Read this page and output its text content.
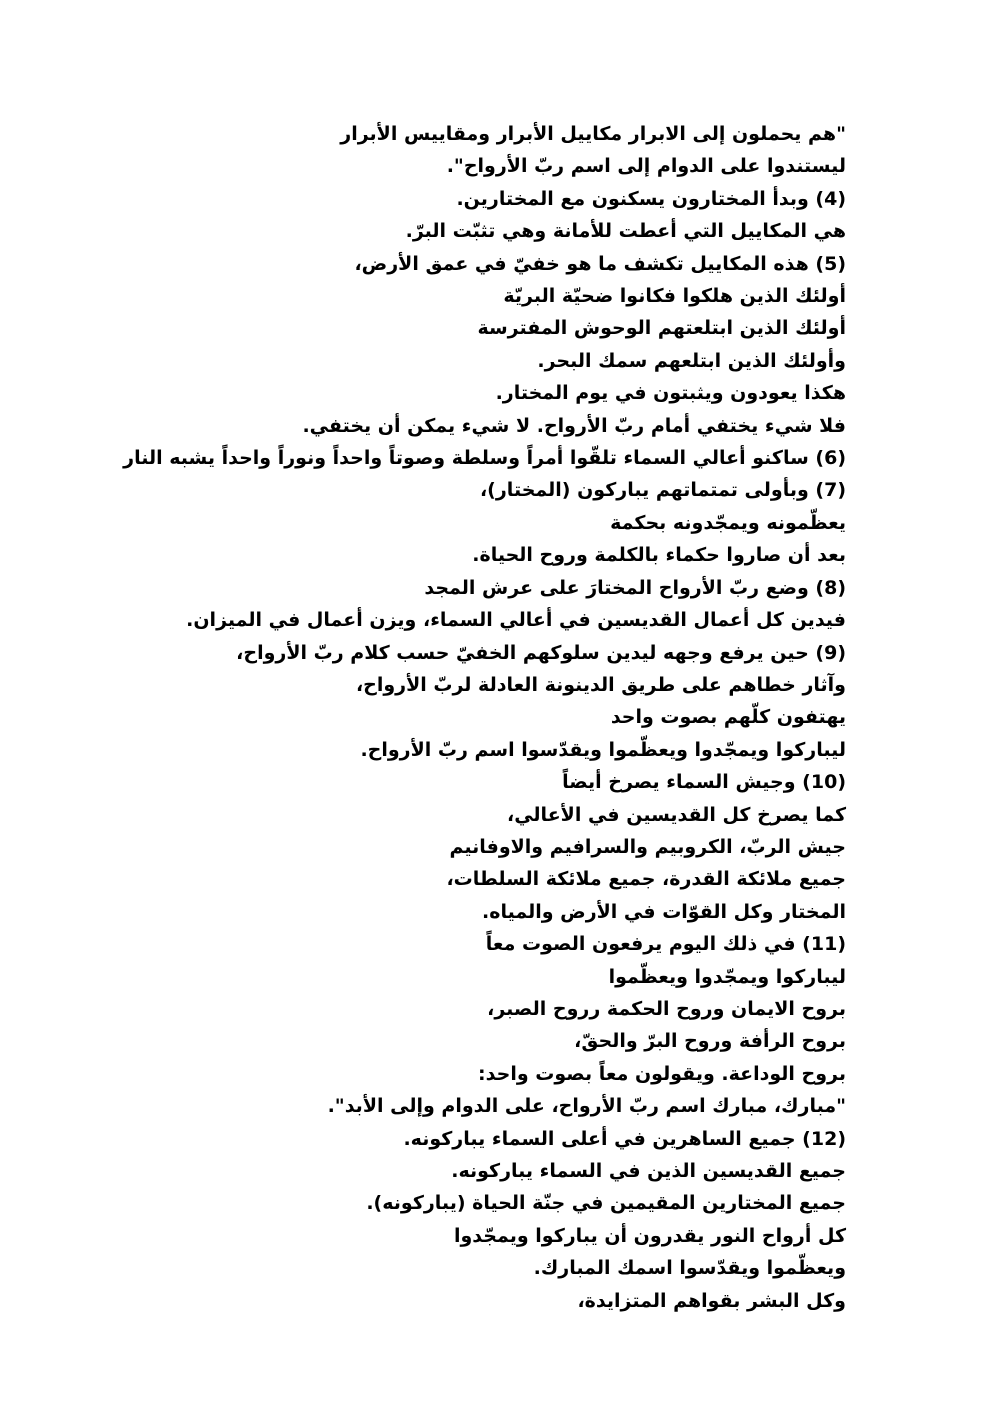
"هم يحملون إلى الابرار مكاييل الأبرار ومقاييس الأبرار
ليستندوا على الدوام إلى اسم ربّ الأرواح".
(4) وبدأ المختارون يسكنون مع المختارين.
هي المكاييل التي أعطت للأمانة وهي تثبّت البرّ.
(5) هذه المكاييل تكشف ما هو خفيّ في عمق الأرض،
أولئك الذين هلكوا فكانوا ضحيّة البريّة
أولئك الذين ابتلعتهم الوحوش المفترسة
وأولئك الذين ابتلعهم سمك البحر.
هكذا يعودون ويثبتون في يوم المختار.
فلا شيء يختفي أمام ربّ الأرواح. لا شيء يمكن أن يختفي.
(6) ساكنو أعالي السماء تلقّوا أمراً وسلطة وصوتاً واحداً ونوراً واحداً يشبه النار
(7) وبأولى تمتماتهم يباركون (المختار)،
يعظّمونه ويمجّدونه بحكمة
بعد أن صاروا حكماء بالكلمة وروح الحياة.
(8) وضع ربّ الأرواح المختارَ على عرش المجد
فيدين كل أعمال القديسين في أعالي السماء، ويزن أعمال في الميزان.
(9) حين يرفع وجهه ليدين سلوكهم الخفيّ حسب كلام ربّ الأرواح،
وآثار خطاهم على طريق الدينونة العادلة لربّ الأرواح،
يهتفون كلّهم بصوت واحد
ليباركوا ويمجّدوا ويعظّموا ويقدّسوا اسم ربّ الأرواح.
(10) وجيش السماء يصرخ أيضاً
كما يصرخ كل القديسين في الأعالي،
جيش الربّ، الكروبيم والسرافيم والاوفانيم
جميع ملائكة القدرة، جميع ملائكة السلطات،
المختار وكل القوّات في الأرض والمياه.
(11) في ذلك اليوم يرفعون الصوت معاً
ليباركوا ويمجّدوا ويعظّموا
بروح الايمان وروح الحكمة رروح الصبر،
بروح الرأفة وروح البرّ والحقّ،
بروح الوداعة. ويقولون معاً بصوت واحد:
"مبارك، مبارك اسم ربّ الأرواح، على الدوام وإلى الأبد".
(12) جميع الساهرين في أعلى السماء يباركونه.
جميع القديسين الذين في السماء يباركونه.
جميع المختارين المقيمين في جنّة الحياة (يباركونه).
كل أرواح النور يقدرون أن يباركوا ويمجّدوا
ويعظّموا ويقدّسوا اسمك المبارك.
وكل البشر بقواهم المتزايدة،
